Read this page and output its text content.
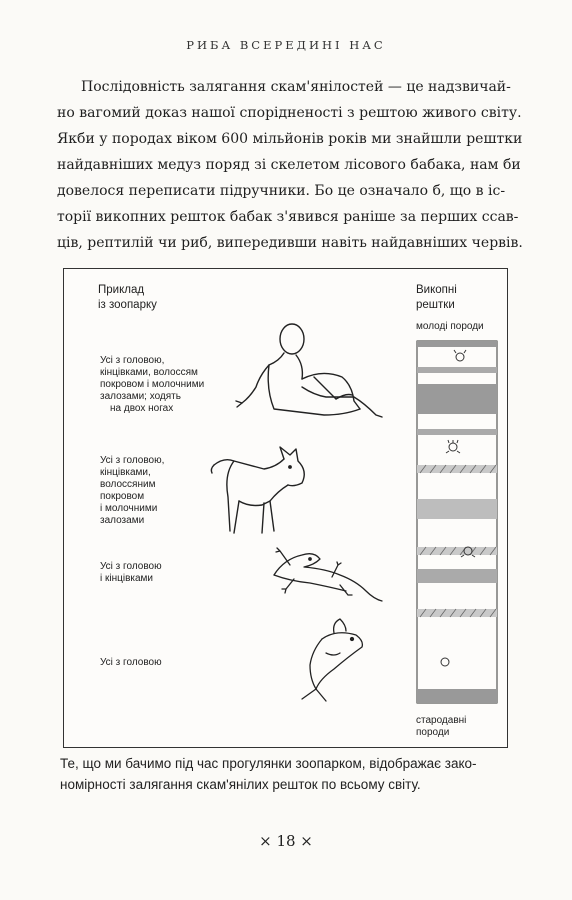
РИБА ВСЕРЕДИНІ НАС
Послідовність залягання скам'янілостей — це надзвичай-
но вагомий доказ нашої спорідненості з рештою живого світу.
Якби у породах віком 600 мільйонів років ми знайшли рештки
найдавніших медуз поряд зі скелетом лісового бабака, нам би
довелося переписати підручники. Бо це означало б, що в іс-
торії викопних решток бабак з'явився раніше за перших ссав-
ців, рептилій чи риб, випередивши навіть найдавніших червів.
Приклад
із зоопарку
Викопні
рештки
молоді породи
стародавні
породи
Усі з головою,
кінцівками, волоссям
покровом і молочними
залозами; ходять
на двох ногах
Усі з головою,
кінцівками,
волоссяним
покровом
і молочними
залозами
Усі з головою
і кінцівками
Усі з головою
Те, що ми бачимо під час прогулянки зоопарком, відображає зако-
номірності залягання скам'янілих решток по всьому світу.
× 18 ×
